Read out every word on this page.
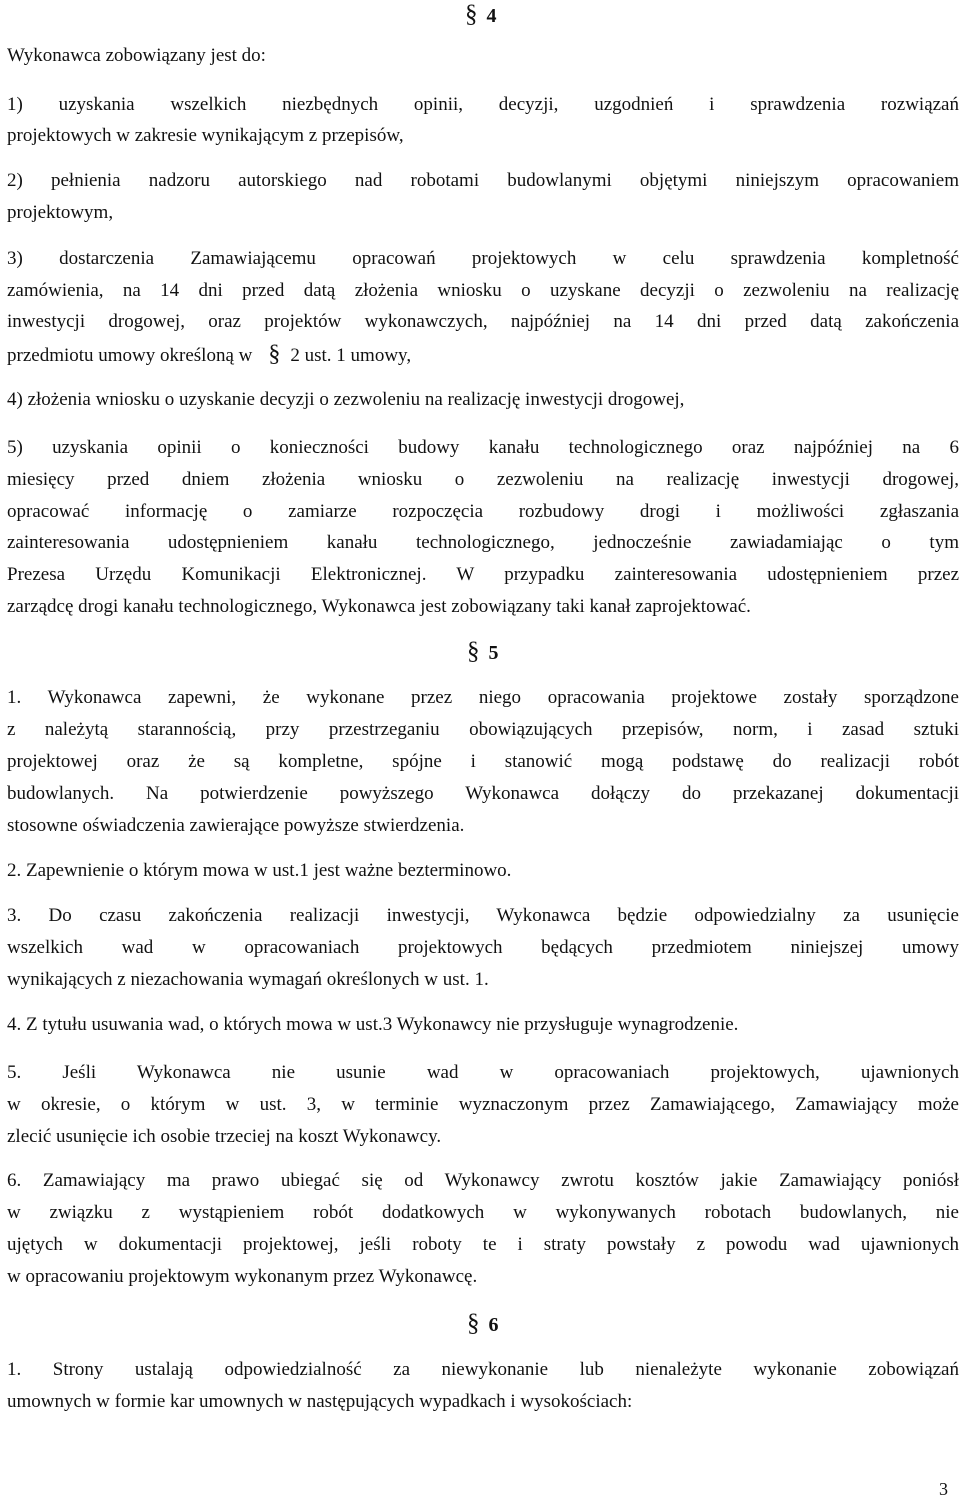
§ 4

Wykonawca zobowiązany jest do:

1) uzyskania wszelkich niezbędnych opinii, decyzji, uzgodnień i sprawdzenia rozwiązań

projektowych w zakresie wynikającym z przepisów,

2) pełnienia nadzoru autorskiego nad robotami budowlanymi objętymi niniejszym opracowaniem

projektowym,

3) dostarczenia Zamawiającemu opracowań projektowych w celu sprawdzenia kompletność

zamówienia, na 14 dni przed datą złożenia wniosku o uzyskane decyzji o zezwoleniu na realizację

inwestycji drogowej, oraz projektów wykonawczych, najpóźniej na 14 dni przed datą zakończenia

przedmiotu umowy określoną w § 2 ust. 1 umowy,

4) złożenia wniosku o uzyskanie decyzji o zezwoleniu na realizację inwestycji drogowej,

5) uzyskania opinii o konieczności budowy kanału technologicznego oraz najpóźniej na 6

miesięcy przed dniem złożenia wniosku o zezwoleniu na realizację inwestycji drogowej,

opracować informację o zamiarze rozpoczęcia rozbudowy drogi i możliwości zgłaszania

zainteresowania udostępnieniem kanału technologicznego, jednocześnie zawiadamiając o tym

Prezesa Urzędu Komunikacji Elektronicznej. W przypadku zainteresowania udostępnieniem przez

zarządcę drogi kanału technologicznego, Wykonawca jest zobowiązany taki kanał zaprojektować.

§ 5

1. Wykonawca zapewni, że wykonane przez niego opracowania projektowe zostały sporządzone

z należytą starannością, przy przestrzeganiu obowiązujących przepisów, norm, i zasad sztuki

projektowej oraz że są kompletne, spójne i stanowić mogą podstawę do realizacji robót

budowlanych. Na potwierdzenie powyższego Wykonawca dołączy do przekazanej dokumentacji

stosowne oświadczenia zawierające powyższe stwierdzenia.

2. Zapewnienie o którym mowa w ust.1 jest ważne bezterminowo.

3. Do czasu zakończenia realizacji inwestycji, Wykonawca będzie odpowiedzialny za usunięcie

wszelkich wad w opracowaniach projektowych będących przedmiotem niniejszej umowy

wynikających z niezachowania wymagań określonych w ust. 1.

4. Z tytułu usuwania wad, o których mowa w ust.3 Wykonawcy nie przysługuje wynagrodzenie.

5. Jeśli Wykonawca nie usunie wad w opracowaniach projektowych, ujawnionych

w okresie, o którym w ust. 3, w terminie wyznaczonym przez Zamawiającego, Zamawiający może

zlecić usunięcie ich osobie trzeciej na koszt Wykonawcy.

6. Zamawiający ma prawo ubiegać się od Wykonawcy zwrotu kosztów jakie Zamawiający poniósł

w związku z wystąpieniem robót dodatkowych w wykonywanych robotach budowlanych, nie

ujętych w dokumentacji projektowej, jeśli roboty te i straty powstały z powodu wad ujawnionych

w opracowaniu projektowym wykonanym przez Wykonawcę.

§ 6

1. Strony ustalają odpowiedzialność za niewykonanie lub nienależyte wykonanie zobowiązań

umownych w formie kar umownych w następujących wypadkach i wysokościach:

3
